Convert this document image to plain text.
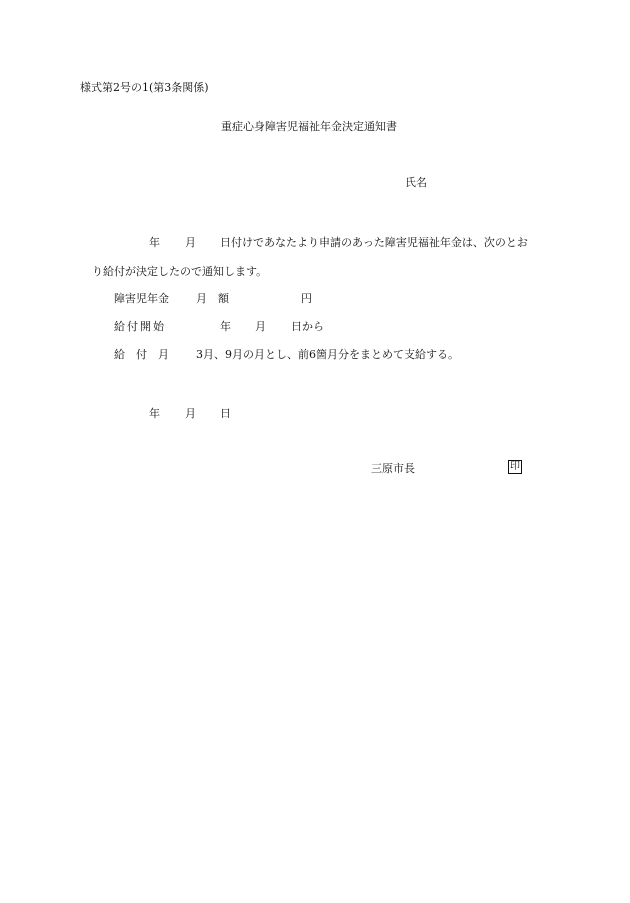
様式第2号の1(第3条関係)
重症心身障害児福祉年金決定通知書
氏名
年 月 日付けであなたより申請のあった障害児福祉年金は、次のとお
り給付が決定したので通知します。
障害児年金 月　額	円
給付開始	年 月 日から
給　付　月 3月、9月の月とし、前6箇月分をまとめて支給する。
年 月 日
三原市長	印
